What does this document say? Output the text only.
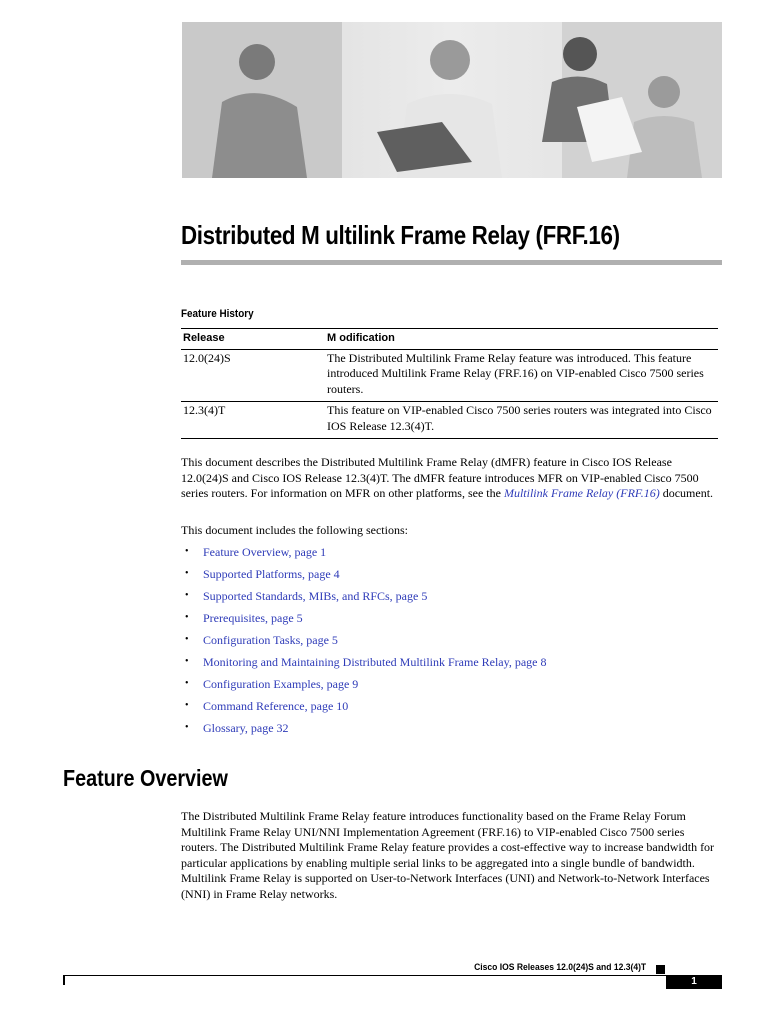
Distributed M ultilink Frame Relay (FRF.16)
Feature History
Release	M odification
12.0(24)S	The Distributed Multilink Frame Relay feature was introduced. This feature introduced Multilink Frame Relay (FRF.16) on VIP-enabled Cisco 7500 series routers.
12.3(4)T	This feature on VIP-enabled Cisco 7500 series routers was integrated into Cisco IOS Release 12.3(4)T.
This document describes the Distributed Multilink Frame Relay (dMFR) feature in Cisco IOS Release 12.0(24)S and Cisco IOS Release 12.3(4)T. The dMFR feature introduces MFR on VIP-enabled Cisco 7500 series routers. For information on MFR on other platforms, see the Multilink Frame Relay (FRF.16) document.
This document includes the following sections:
• Feature Overview, page 1
• Supported Platforms, page 4
• Supported Standards, MIBs, and RFCs, page 5
• Prerequisites, page 5
• Configuration Tasks, page 5
• Monitoring and Maintaining Distributed Multilink Frame Relay, page 8
• Configuration Examples, page 9
• Command Reference, page 10
• Glossary, page 32
Feature Overview
The Distributed Multilink Frame Relay feature introduces functionality based on the Frame Relay Forum Multilink Frame Relay UNI/NNI Implementation Agreement (FRF.16) to VIP-enabled Cisco 7500 series routers. The Distributed Multilink Frame Relay feature provides a cost-effective way to increase bandwidth for particular applications by enabling multiple serial links to be aggregated into a single bundle of bandwidth. Multilink Frame Relay is supported on User-to-Network Interfaces (UNI) and Network-to-Network Interfaces (NNI) in Frame Relay networks.
Cisco IOS Releases 12.0(24)S and 12.3(4)T
1
